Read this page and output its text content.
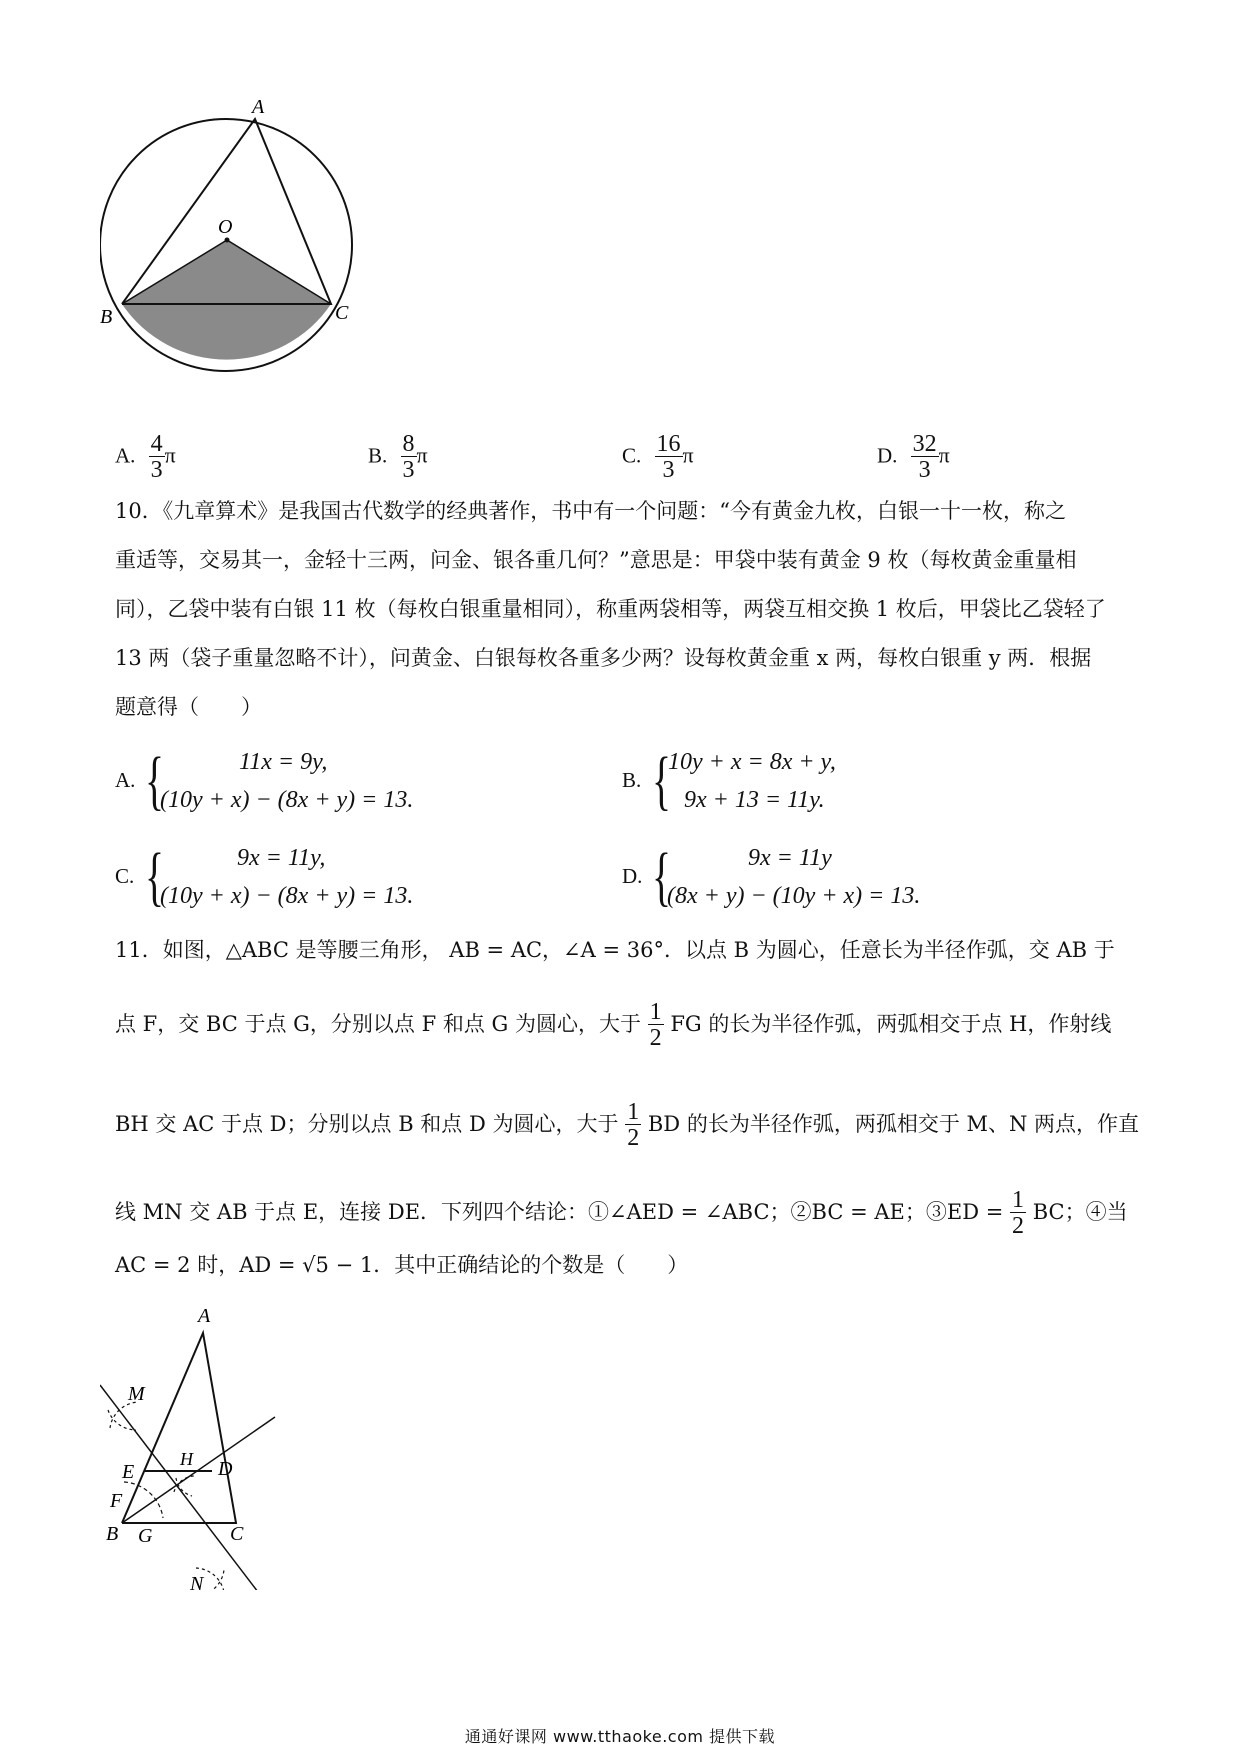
A
O
B	C
A. $\frac{4}{3}$ π	B. $\frac{8}{3}$ π	C. $\frac{16}{3}$ π	D. $\frac{32}{3}$ π
10．《九章算术》是我国古代数学的经典著作，书中有一个问题：“今有黄金九枚，白银一十一枚，称之
重适等，交易其一，金轻十三两，问金、银各重几何？”意思是：甲袋中装有黄金 9 枚（每枚黄金重量相
同），乙袋中装有白银 11 枚（每枚白银重量相同），称重两袋相等，两袋互相交换 1 枚后，甲袋比乙袋轻了
13 两（袋子重量忽略不计），问黄金、白银每枚各重多少两？设每枚黄金重 x 两，每枚白银重 y 两．根据
题意得（　　）
A. {	11x = 9y,
(10y + x) − (8x + y) = 13.
B. {
10y + x = 8x + y,
9x + 13 = 11y.
C. {	9x = 11y,
(10y + x) − (8x + y) = 13.
D. {	9x = 11y
(8x + y) − (10y + x) = 13.
11．如图，△ABC 是等腰三角形， AB = AC，∠A = 36°．以点 B 为圆心，任意长为半径作弧，交 AB 于
点 F，交 BC 于点 G，分别以点 F 和点 G 为圆心，大于 $\frac{1}{2}$ FG 的长为半径作弧，两弧相交于点 H，作射线
BH 交 AC 于点 D；分别以点 B 和点 D 为圆心，大于 $\frac{1}{2}$ BD 的长为半径作弧，两孤相交于 M、N 两点，作直
线 MN 交 AB 于点 E，连接 DE．下列四个结论：①∠AED = ∠ABC；②BC = AE；③ED = $\frac{1}{2}$ BC；④当
AC = 2 时，AD = √5 − 1．其中正确结论的个数是（　　）
A
M
E
H D
F
B G	C
N
通通好课网 www.tthaoke.com 提供下载
